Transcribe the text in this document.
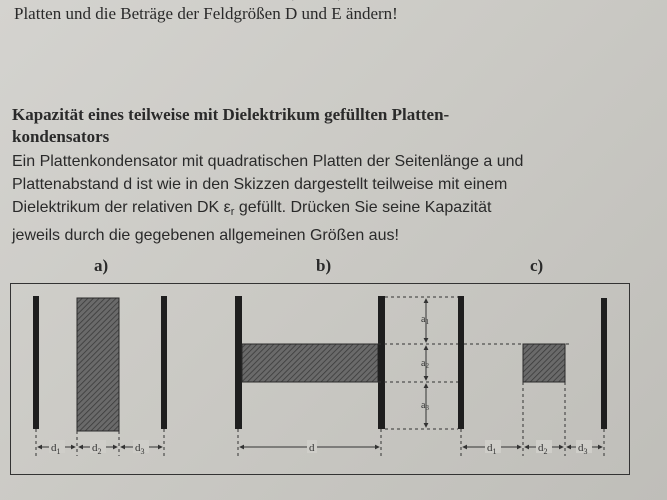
Platten und die Beträge der Feldgrößen → D und → E ändern!
Kapazität eines teilweise mit Dielektrikum gefüllten Platten-
kondensators
Ein Plattenkondensator mit quadratischen Platten der Seitenlänge a und
Plattenabstand d ist wie in den Skizzen dargestellt teilweise mit einem
Dielektrikum der relativen DK $\varepsilon_r$ gefüllt. Drücken Sie seine Kapazität
jeweils durch die gegebenen allgemeinen Größen aus!
a)	b)	c)
$d_1$	$d_2$	$d_3$	d
$a_1$
$a_2$
$a_3$
$d_1$	$d_2$	$d_3$
